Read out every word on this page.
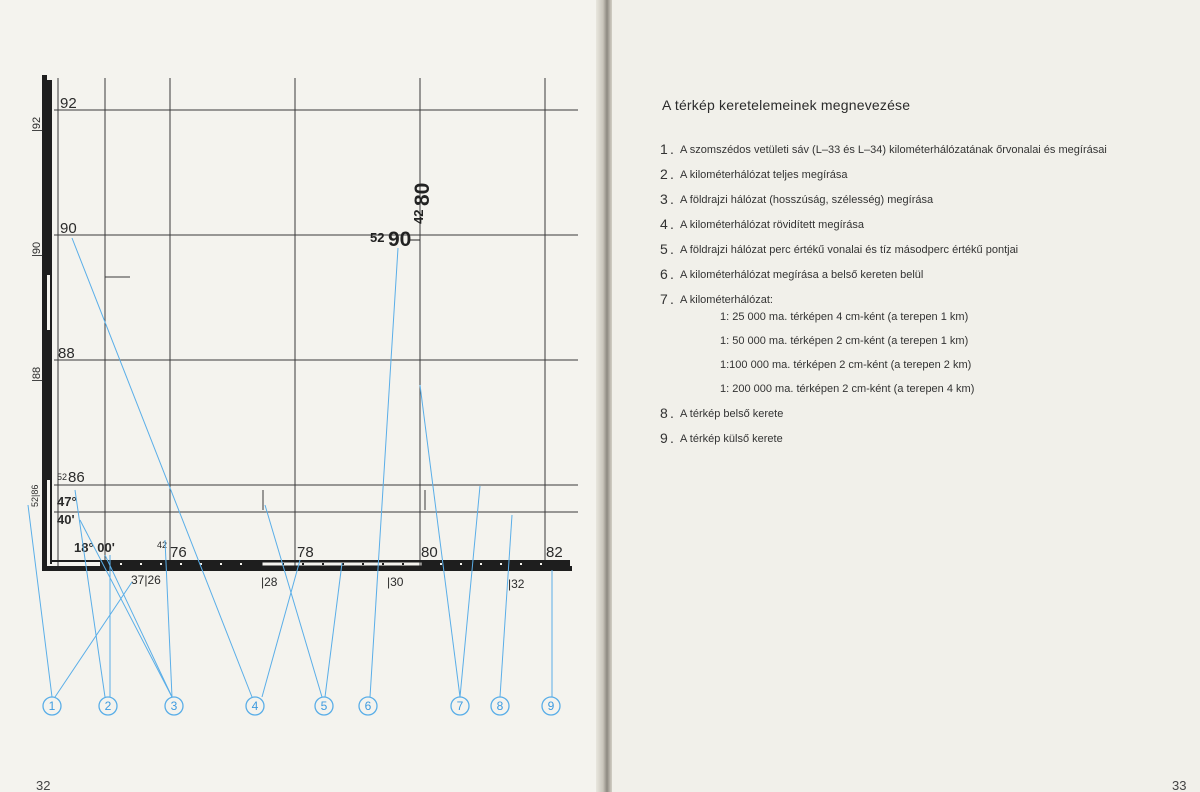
|92
|90
|88
52|86
92
90
88
52 86
47°
40'
18° 00'	42 76	78	80	82
37|26	|28	|30	|32
52 90
42
80
1	2	3	4	5	6	7	8	9
32
A térkép keretelemeinek megnevezése
1 . A szomszédos vetületi sáv (L–33 és L–34) kilométerhálózatának őrvonalai és megírásai
2 . A kilométerhálózat teljes megírása
3 . A földrajzi hálózat (hosszúság, szélesség) megírása
4 . A kilométerhálózat rövidített megírása
5 . A földrajzi hálózat perc értékű vonalai és tíz másodperc értékű pontjai
6 . A kilométerhálózat megírása a belső kereten belül
7 . A kilométerhálózat:
1: 25 000 ma. térképen 4 cm-ként (a terepen 1 km)
1: 50 000 ma. térképen 2 cm-ként (a terepen 1 km)
1:100 000 ma. térképen 2 cm-ként (a terepen 2 km)
1: 200 000 ma. térképen 2 cm-ként (a terepen 4 km)
8 . A térkép belső kerete
9 . A térkép külső kerete
33
